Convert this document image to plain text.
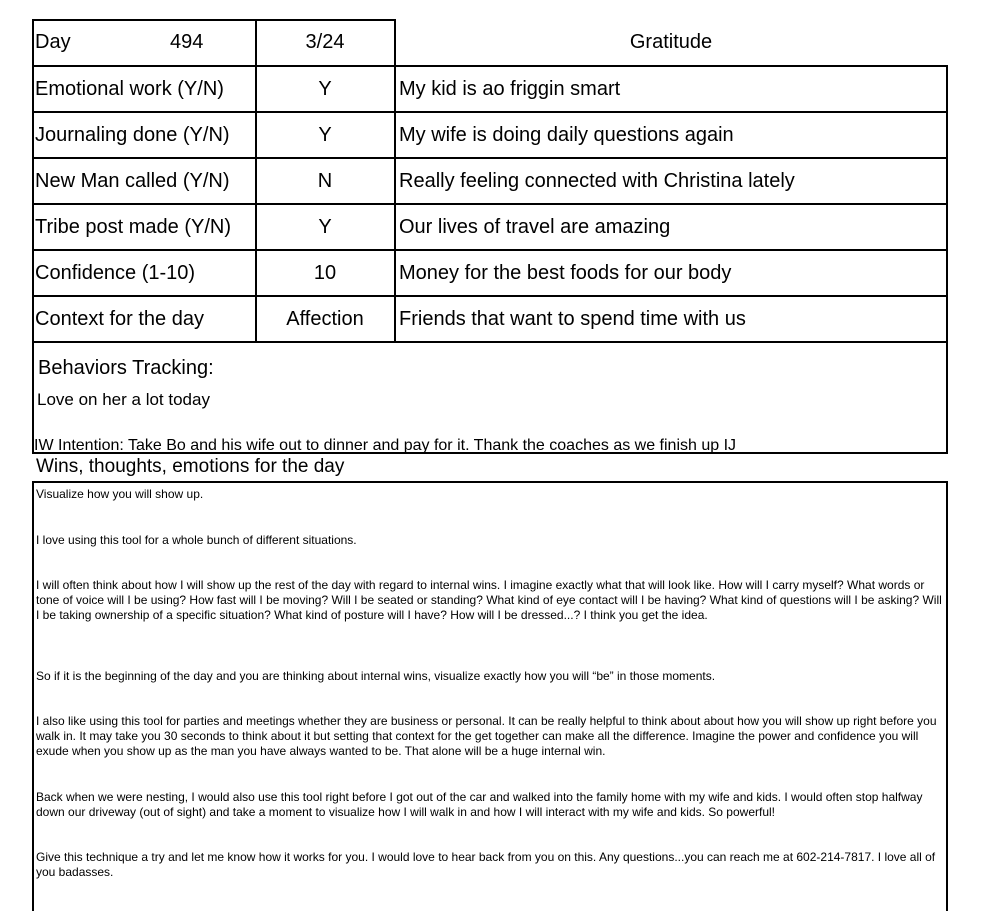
Day	494	3/24	Gratitude
Emotional work (Y/N)	Y	My kid is ao friggin smart
Journaling done (Y/N)	Y	My wife is doing daily questions again
New Man called (Y/N)	N	Really feeling connected with Christina lately
Tribe post made (Y/N)	Y	Our lives of travel are amazing
Confidence (1-10)	10	Money for the best foods for our body
Context for the day	Affection	Friends that want to spend time with us
Behaviors Tracking:
Love on her a lot today
IW Intention: Take Bo and his wife out to dinner and pay for it. Thank the coaches as we finish up IJ
Wins, thoughts, emotions for the day
Visualize how you will show up.
I love using this tool for a whole bunch of different situations.
I will often think about how I will show up the rest of the day with regard to internal wins. I imagine exactly what that will look like. How will I carry myself? What words or tone of voice will I be using? How fast will I be moving? Will I be seated or standing? What kind of eye contact will I be having? What kind of questions will I be asking? Will I be taking ownership of a specific situation? What kind of posture will I have? How will I be dressed...? I think you get the idea.
So if it is the beginning of the day and you are thinking about internal wins, visualize exactly how you will “be” in those moments.
I also like using this tool for parties and meetings whether they are business or personal. It can be really helpful to think about about how you will show up right before you walk in. It may take you 30 seconds to think about it but setting that context for the get together can make all the difference. Imagine the power and confidence you will exude when you show up as the man you have always wanted to be. That alone will be a huge internal win.
Back when we were nesting, I would also use this tool right before I got out of the car and walked into the family home with my wife and kids. I would often stop halfway down our driveway (out of sight) and take a moment to visualize how I will walk in and how I will interact with my wife and kids. So powerful!
Give this technique a try and let me know how it works for you. I would love to hear back from you on this. Any questions...you can reach me at 602-214-7817. I love all of you badasses.
